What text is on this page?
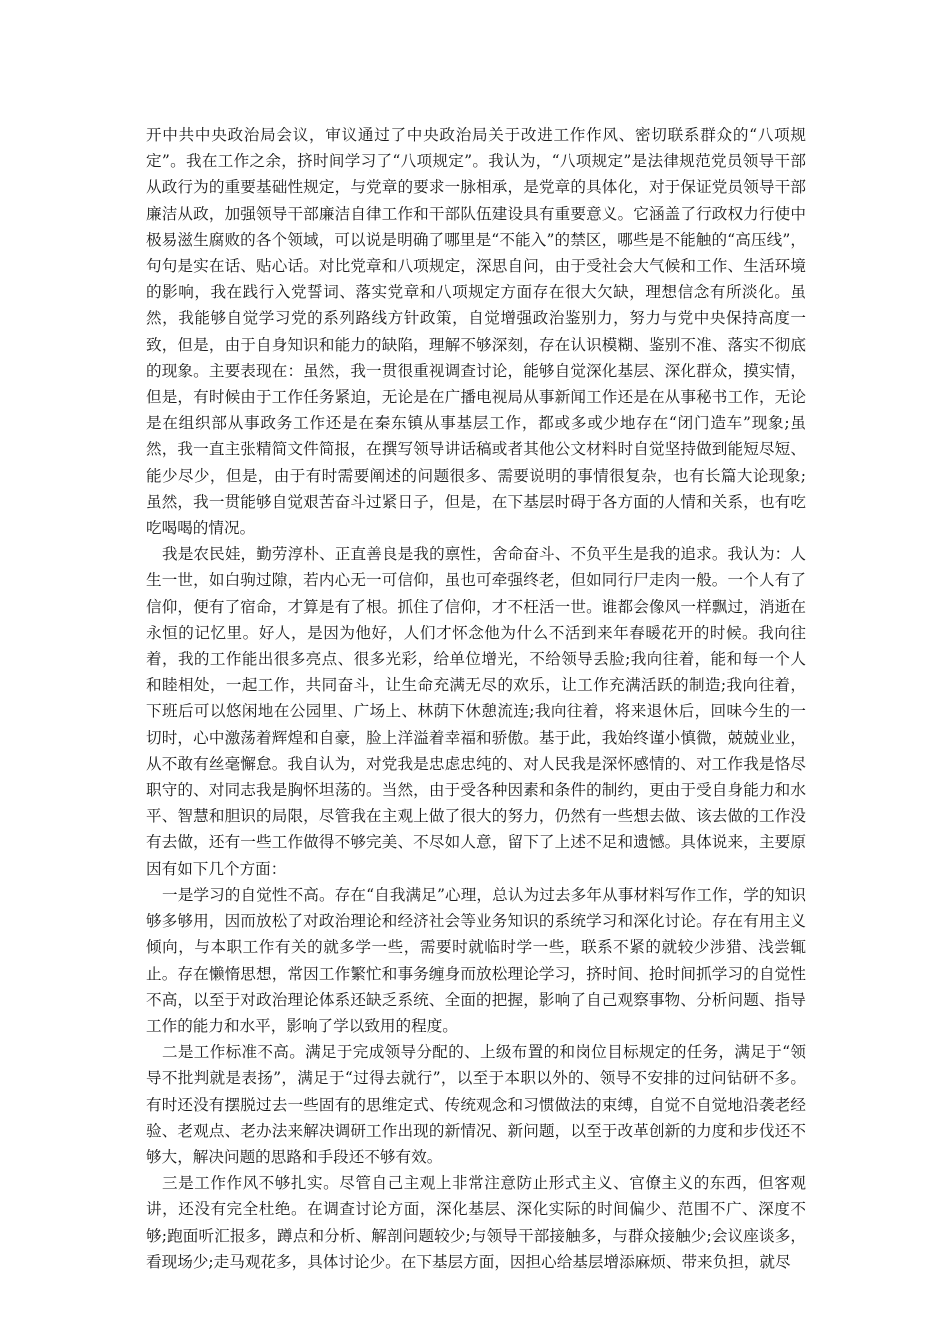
开中共中央政治局会议，审议通过了中央政治局关于改进工作作风、密切联系群众的“八项规定”。我在工作之余，挤时间学习了“八项规定”。我认为，“八项规定”是法律规范党员领导干部从政行为的重要基础性规定，与党章的要求一脉相承，是党章的具体化，对于保证党员领导干部廉洁从政，加强领导干部廉洁自律工作和干部队伍建设具有重要意义。它涵盖了行政权力行使中极易滋生腐败的各个领域，可以说是明确了哪里是“不能入”的禁区，哪些是不能触的“高压线”，句句是实在话、贴心话。对比党章和八项规定，深思自问，由于受社会大气候和工作、生活环境的影响，我在践行入党誓词、落实党章和八项规定方面存在很大欠缺，理想信念有所淡化。虽然，我能够自觉学习党的系列路线方针政策，自觉增强政治鉴别力，努力与党中央保持高度一致，但是，由于自身知识和能力的缺陷，理解不够深刻，存在认识模糊、鉴别不准、落实不彻底的现象。主要表现在：虽然，我一贯很重视调查讨论，能够自觉深化基层、深化群众，摸实情，但是，有时候由于工作任务紧迫，无论是在广播电视局从事新闻工作还是在从事秘书工作，无论是在组织部从事政务工作还是在秦东镇从事基层工作，都或多或少地存在“闭门造车”现象;虽然，我一直主张精简文件简报，在撰写领导讲话稿或者其他公文材料时自觉坚持做到能短尽短、能少尽少，但是，由于有时需要阐述的问题很多、需要说明的事情很复杂，也有长篇大论现象;虽然，我一贯能够自觉艰苦奋斗过紧日子，但是，在下基层时碍于各方面的人情和关系，也有吃吃喝喝的情况。

我是农民娃，勤劳淳朴、正直善良是我的禀性，舍命奋斗、不负平生是我的追求。我认为：人生一世，如白驹过隙，若内心无一可信仰，虽也可牵强终老，但如同行尸走肉一般。一个人有了信仰，便有了宿命，才算是有了根。抓住了信仰，才不枉活一世。谁都会像风一样飘过，消逝在永恒的记忆里。好人，是因为他好，人们才怀念他为什么不活到来年春暖花开的时候。我向往着，我的工作能出很多亮点、很多光彩，给单位增光，不给领导丢脸;我向往着，能和每一个人和睦相处，一起工作，共同奋斗，让生命充满无尽的欢乐，让工作充满活跃的制造;我向往着，下班后可以悠闲地在公园里、广场上、林荫下休憩流连;我向往着，将来退休后，回味今生的一切时，心中激荡着辉煌和自豪，脸上洋溢着幸福和骄傲。基于此，我始终谨小慎微，兢兢业业，从不敢有丝毫懈怠。我自认为，对党我是忠虑忠纯的、对人民我是深怀感情的、对工作我是恪尽职守的、对同志我是胸怀坦荡的。当然，由于受各种因素和条件的制约，更由于受自身能力和水平、智慧和胆识的局限，尽管我在主观上做了很大的努力，仍然有一些想去做、该去做的工作没有去做，还有一些工作做得不够完美、不尽如人意，留下了上述不足和遗憾。具体说来，主要原因有如下几个方面：

一是学习的自觉性不高。存在“自我满足”心理，总认为过去多年从事材料写作工作，学的知识够多够用，因而放松了对政治理论和经济社会等业务知识的系统学习和深化讨论。存在有用主义倾向，与本职工作有关的就多学一些，需要时就临时学一些，联系不紧的就较少涉猎、浅尝辄止。存在懒惰思想，常因工作繁忙和事务缠身而放松理论学习，挤时间、抢时间抓学习的自觉性不高，以至于对政治理论体系还缺乏系统、全面的把握，影响了自己观察事物、分析问题、指导工作的能力和水平，影响了学以致用的程度。

二是工作标准不高。满足于完成领导分配的、上级布置的和岗位目标规定的任务，满足于“领导不批判就是表扬”，满足于“过得去就行”，以至于本职以外的、领导不安排的过问钻研不多。有时还没有摆脱过去一些固有的思维定式、传统观念和习惯做法的束缚，自觉不自觉地沿袭老经验、老观点、老办法来解决调研工作出现的新情况、新问题，以至于改革创新的力度和步伐还不够大，解决问题的思路和手段还不够有效。

三是工作作风不够扎实。尽管自己主观上非常注意防止形式主义、官僚主义的东西，但客观讲，还没有完全杜绝。在调查讨论方面，深化基层、深化实际的时间偏少、范围不广、深度不够;跑面听汇报多，蹲点和分析、解剖问题较少;与领导干部接触多，与群众接触少;会议座谈多，看现场少;走马观花多，具体讨论少。在下基层方面，因担心给基层增添麻烦、带来负担，就尽
